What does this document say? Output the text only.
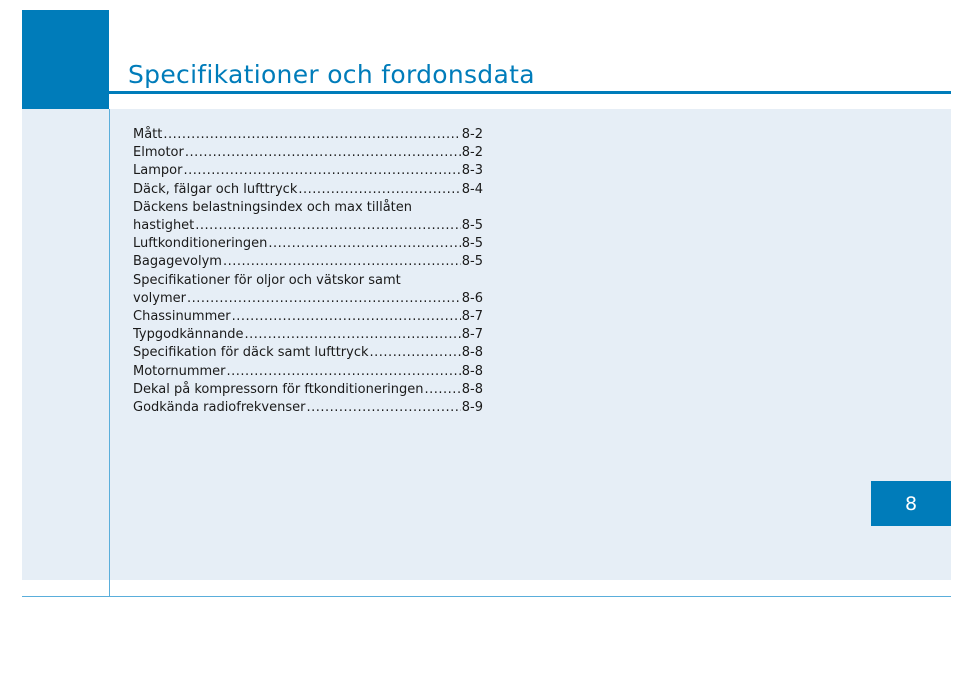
Specifikationer och fordonsdata
Mått .....	8-2
Elmotor .....	8-2
Lampor .....	8-3
Däck, fälgar och lufttryck .....	8-4
Däckens belastningsindex och max tillåten
hastighet .....	8-5
Luftkonditioneringen .....	8-5
Bagagevolym .....	8-5
Specifikationer för oljor och vätskor samt
volymer .....	8-6
Chassinummer .....	8-7
Typgodkännande .....	8-7
Specifikation för däck samt lufttryck .....	8-8
Motornummer .....	8-8
Dekal på kompressorn för ftkonditioneringen .....	8-8
Godkända radiofrekvenser .....	8-9
8
